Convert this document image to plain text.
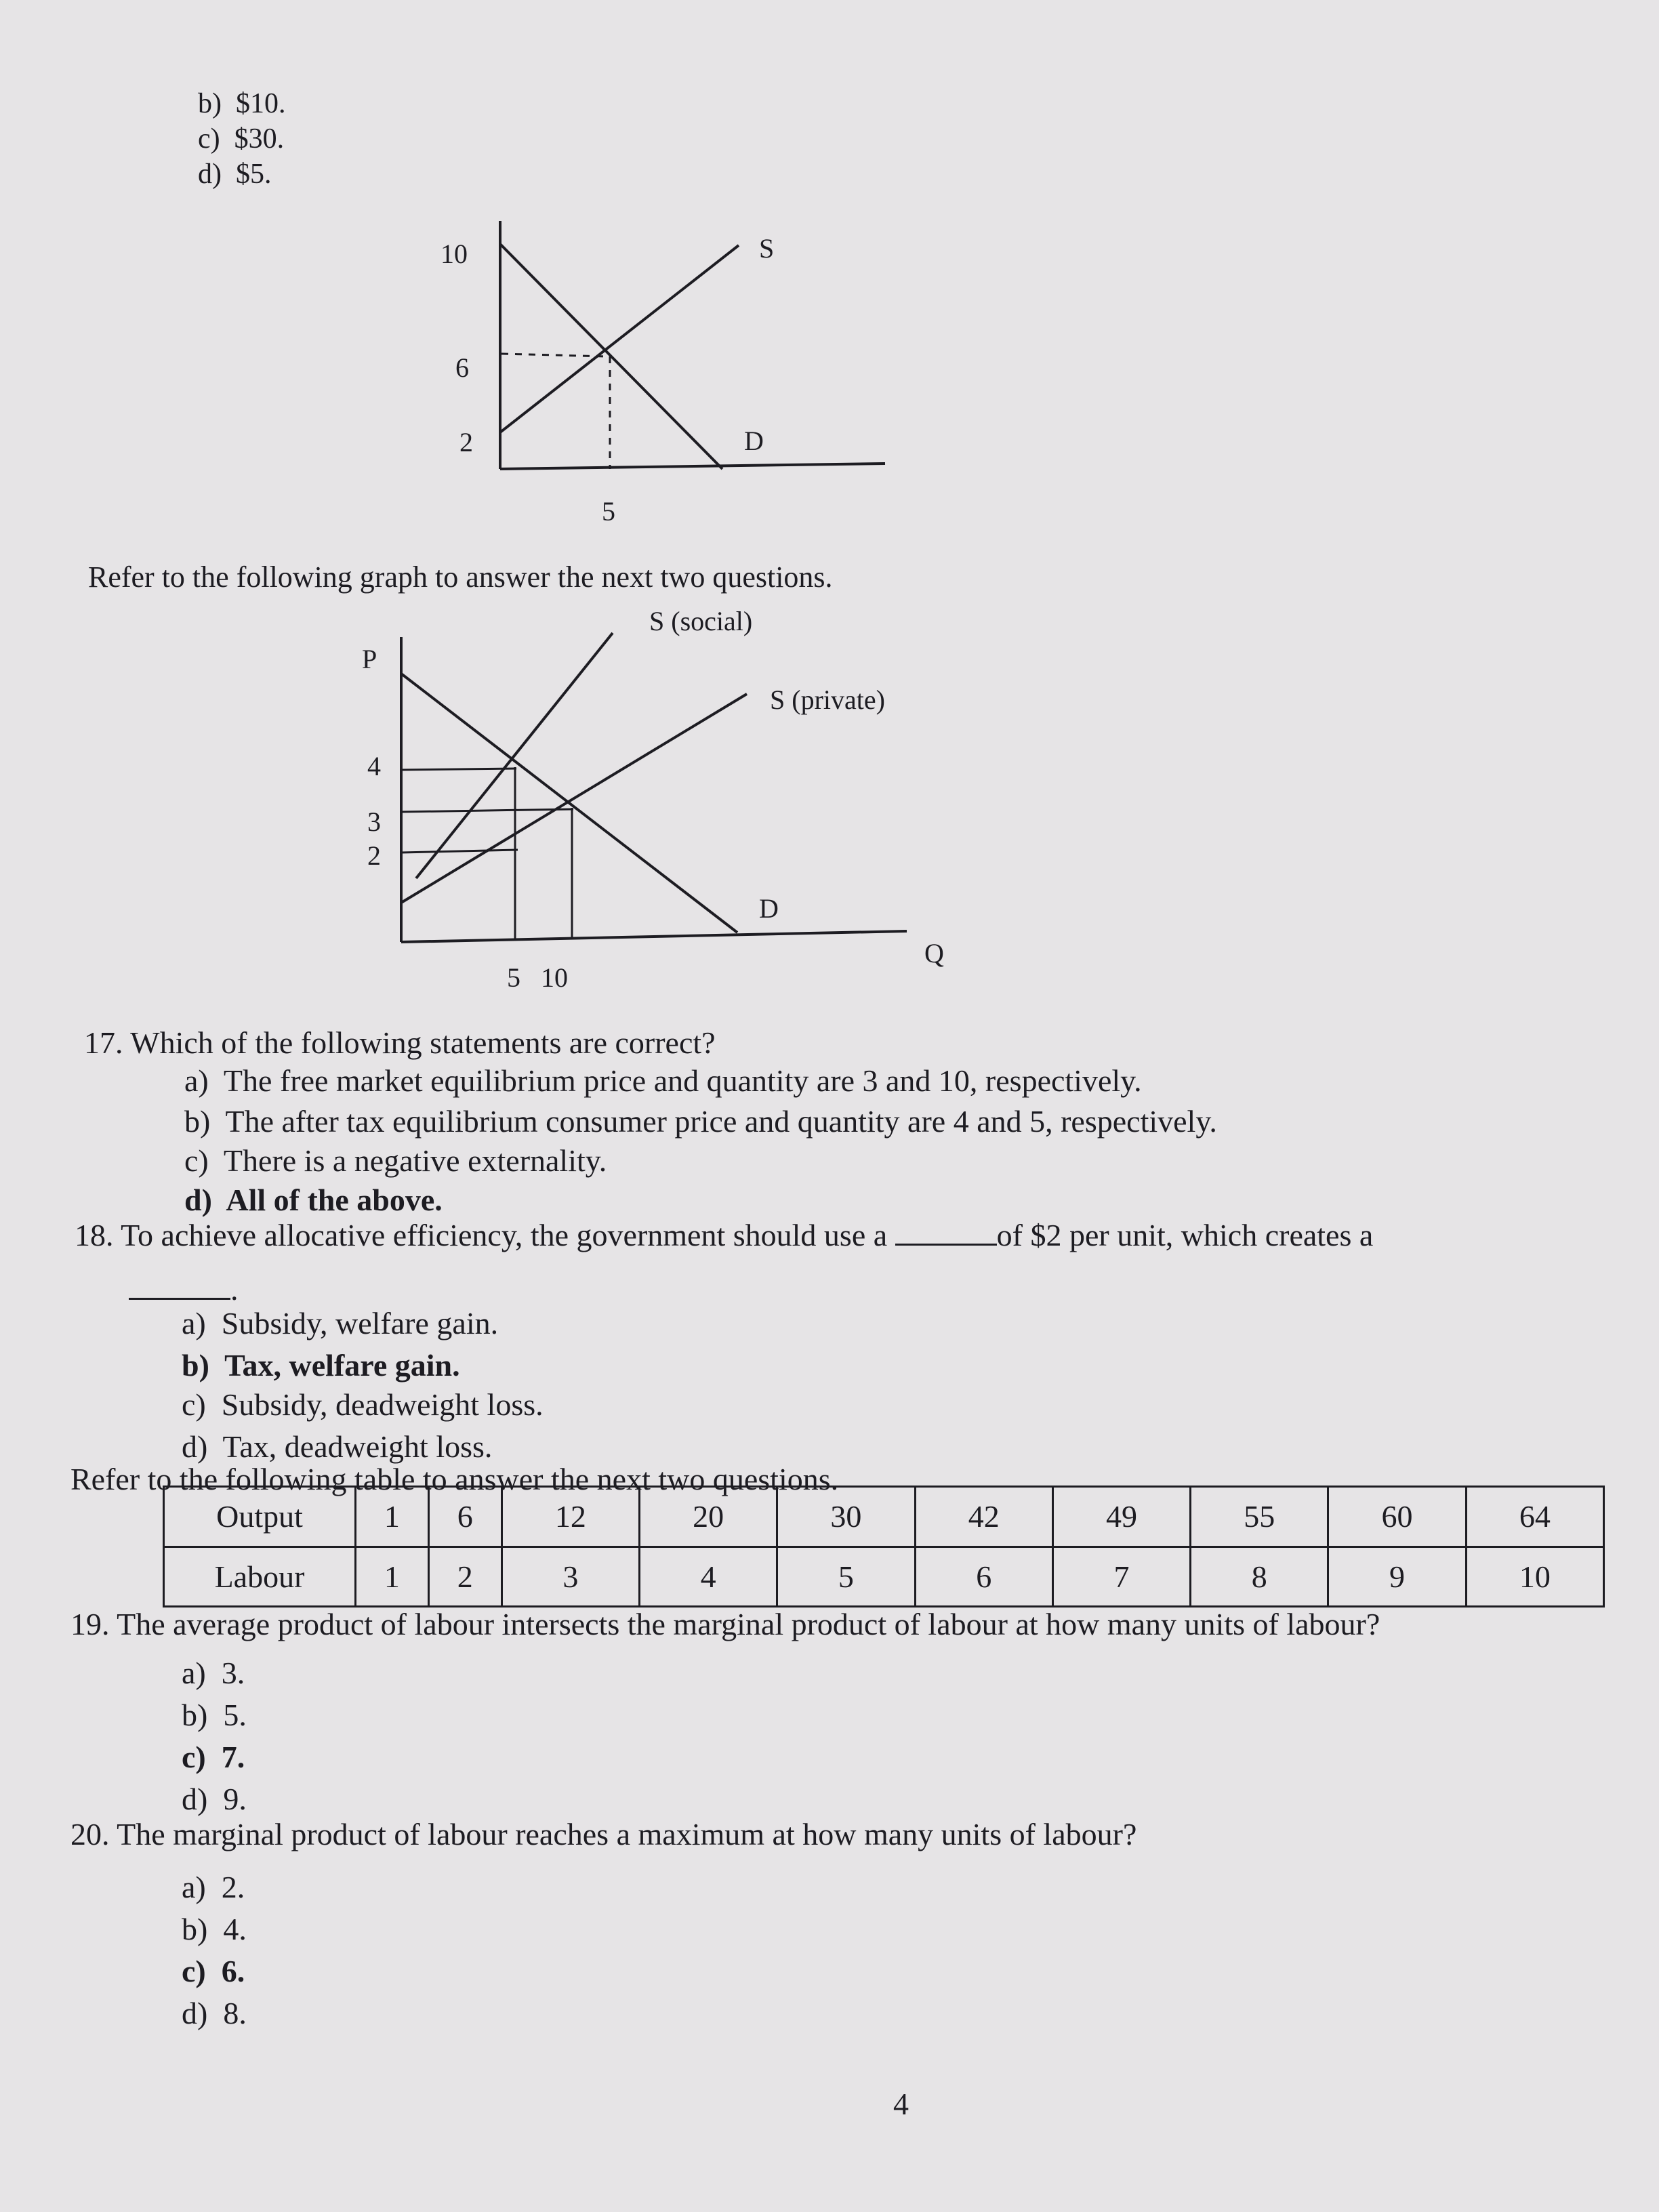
b) $10.
c) $30.
d) $5.
10
6
2
5
S
D
S (social)
S (private)
D
P
Q
4
3
2
5   10
Refer to the following graph to answer the next two questions.
17. Which of the following statements are correct?
a) The free market equilibrium price and quantity are 3 and 10, respectively.
b) The after tax equilibrium consumer price and quantity are 4 and 5, respectively.
c) There is a negative externality.
d) All of the above.
18. To achieve allocative efficiency, the government should use a	of $2 per unit, which creates a
.
a) Subsidy, welfare gain.
b) Tax, welfare gain.
c) Subsidy, deadweight loss.
d) Tax, deadweight loss.
Refer to the following table to answer the next two questions.
Output	1	6	12	20	30	42	49	55	60	64
Labour	1	2	3	4	5	6	7	8	9	10
19. The average product of labour intersects the marginal product of labour at how many units of labour?
a) 3.
b) 5.
c) 7.
d) 9.
20. The marginal product of labour reaches a maximum at how many units of labour?
a) 2.
b) 4.
c) 6.
d) 8.
4
